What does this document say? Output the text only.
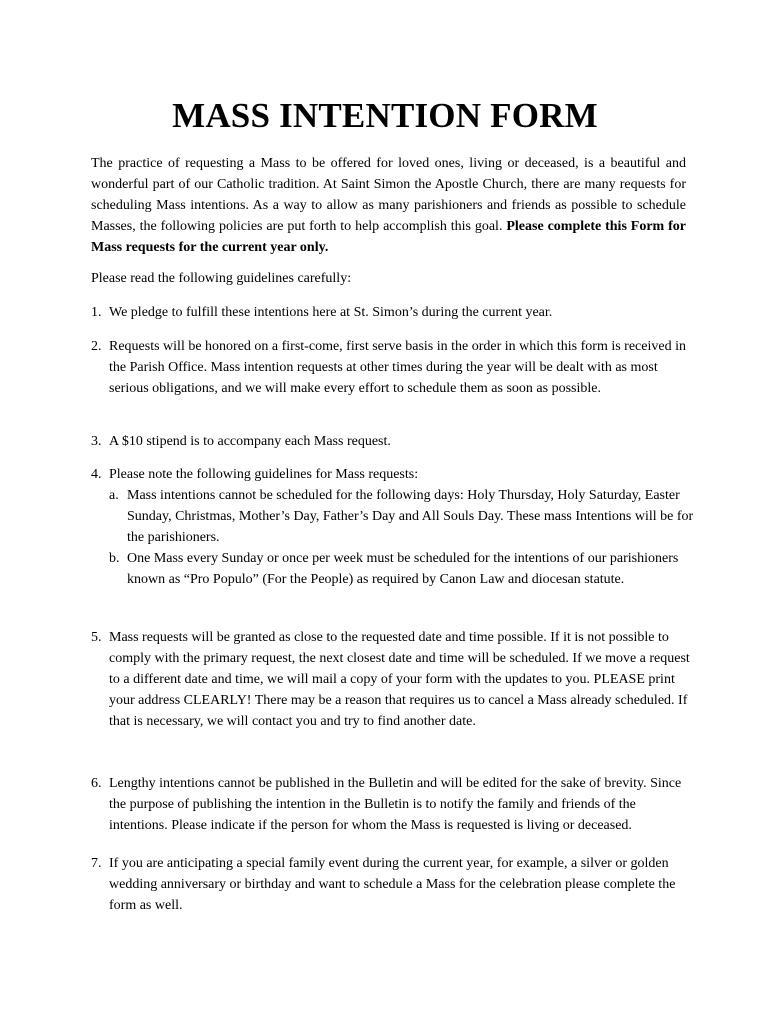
MASS INTENTION FORM
The practice of requesting a Mass to be offered for loved ones, living or deceased, is a beautiful and wonderful part of our Catholic tradition. At Saint Simon the Apostle Church, there are many requests for scheduling Mass intentions. As a way to allow as many parishioners and friends as possible to schedule Masses, the following policies are put forth to help accomplish this goal. Please complete this Form for Mass requests for the current year only.
Please read the following guidelines carefully:
1. We pledge to fulfill these intentions here at St. Simon’s during the current year.
2. Requests will be honored on a first-come, first serve basis in the order in which this form is received in the Parish Office. Mass intention requests at other times during the year will be dealt with as most serious obligations, and we will make every effort to schedule them as soon as possible.
3. A $10 stipend is to accompany each Mass request.
4. Please note the following guidelines for Mass requests:
a. Mass intentions cannot be scheduled for the following days: Holy Thursday, Holy Saturday, Easter Sunday, Christmas, Mother’s Day, Father’s Day and All Souls Day. These mass Intentions will be for the parishioners.
b. One Mass every Sunday or once per week must be scheduled for the intentions of our parishioners known as “Pro Populo” (For the People) as required by Canon Law and diocesan statute.
5. Mass requests will be granted as close to the requested date and time possible. If it is not possible to comply with the primary request, the next closest date and time will be scheduled. If we move a request to a different date and time, we will mail a copy of your form with the updates to you. PLEASE print your address CLEARLY! There may be a reason that requires us to cancel a Mass already scheduled. If that is necessary, we will contact you and try to find another date.
6. Lengthy intentions cannot be published in the Bulletin and will be edited for the sake of brevity. Since the purpose of publishing the intention in the Bulletin is to notify the family and friends of the intentions. Please indicate if the person for whom the Mass is requested is living or deceased.
7. If you are anticipating a special family event during the current year, for example, a silver or golden wedding anniversary or birthday and want to schedule a Mass for the celebration please complete the form as well.
